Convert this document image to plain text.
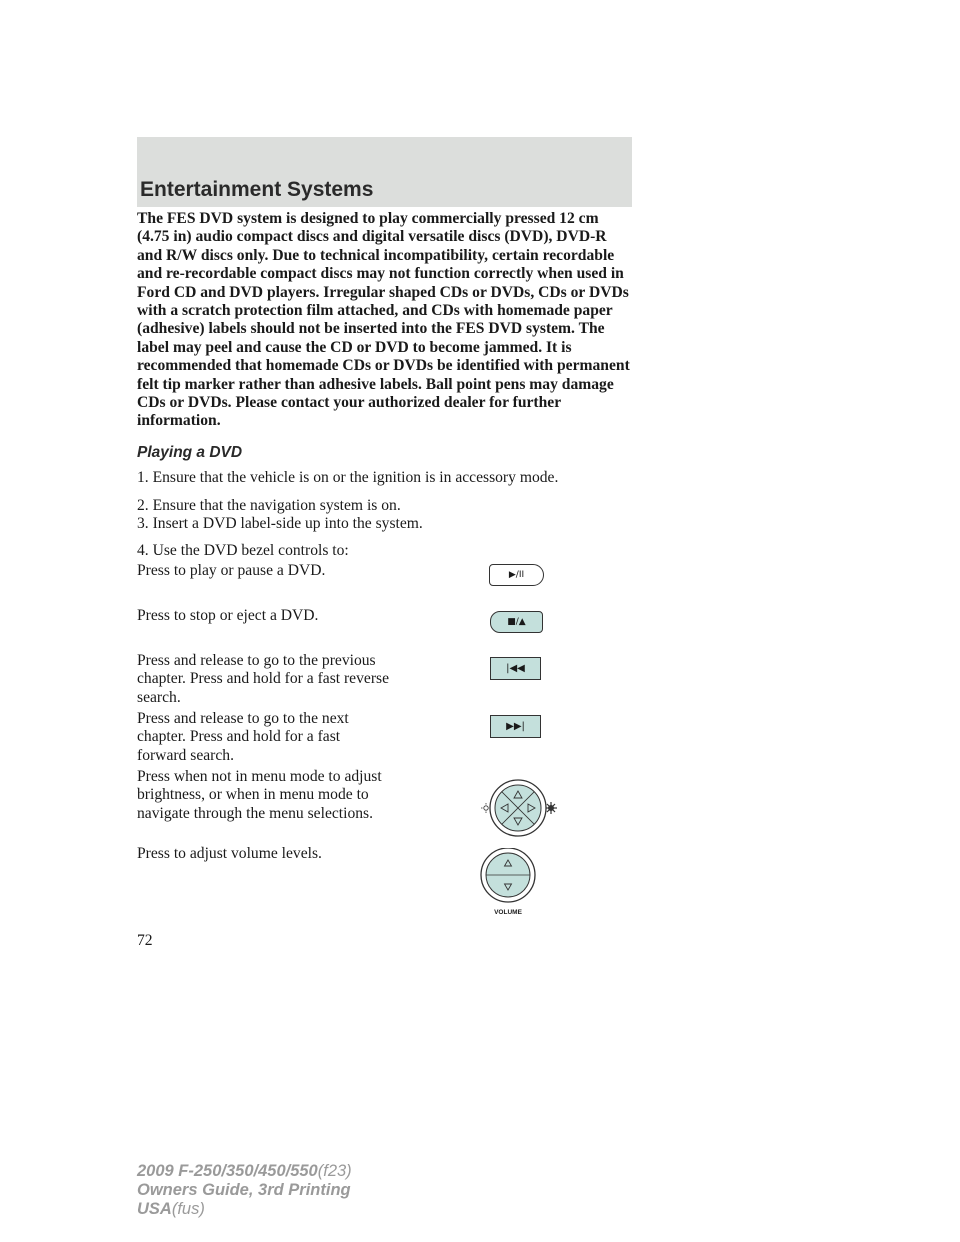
Entertainment Systems

The FES DVD system is designed to play commercially pressed 12 cm (4.75 in) audio compact discs and digital versatile discs (DVD), DVD-R and R/W discs only. Due to technical incompatibility, certain recordable and re-recordable compact discs may not function correctly when used in Ford CD and DVD players. Irregular shaped CDs or DVDs, CDs or DVDs with a scratch protection film attached, and CDs with homemade paper (adhesive) labels should not be inserted into the FES DVD system. The label may peel and cause the CD or DVD to become jammed. It is recommended that homemade CDs or DVDs be identified with permanent felt tip marker rather than adhesive labels. Ball point pens may damage CDs or DVDs. Please contact your authorized dealer for further information.

Playing a DVD
1. Ensure that the vehicle is on or the ignition is in accessory mode.
2. Ensure that the navigation system is on.
3. Insert a DVD label-side up into the system.
4. Use the DVD bezel controls to:
Press to play or pause a DVD.
Press to stop or eject a DVD.
Press and release to go to the previous chapter. Press and hold for a fast reverse search.
Press and release to go to the next chapter. Press and hold for a fast forward search.
Press when not in menu mode to adjust brightness, or when in menu mode to navigate through the menu selections.
Press to adjust volume levels.
▶/II
■/▲
|◀◀
▶▶|
VOLUME
72
2009 F-250/350/450/550(f23)
Owners Guide, 3rd Printing
USA(fus)
